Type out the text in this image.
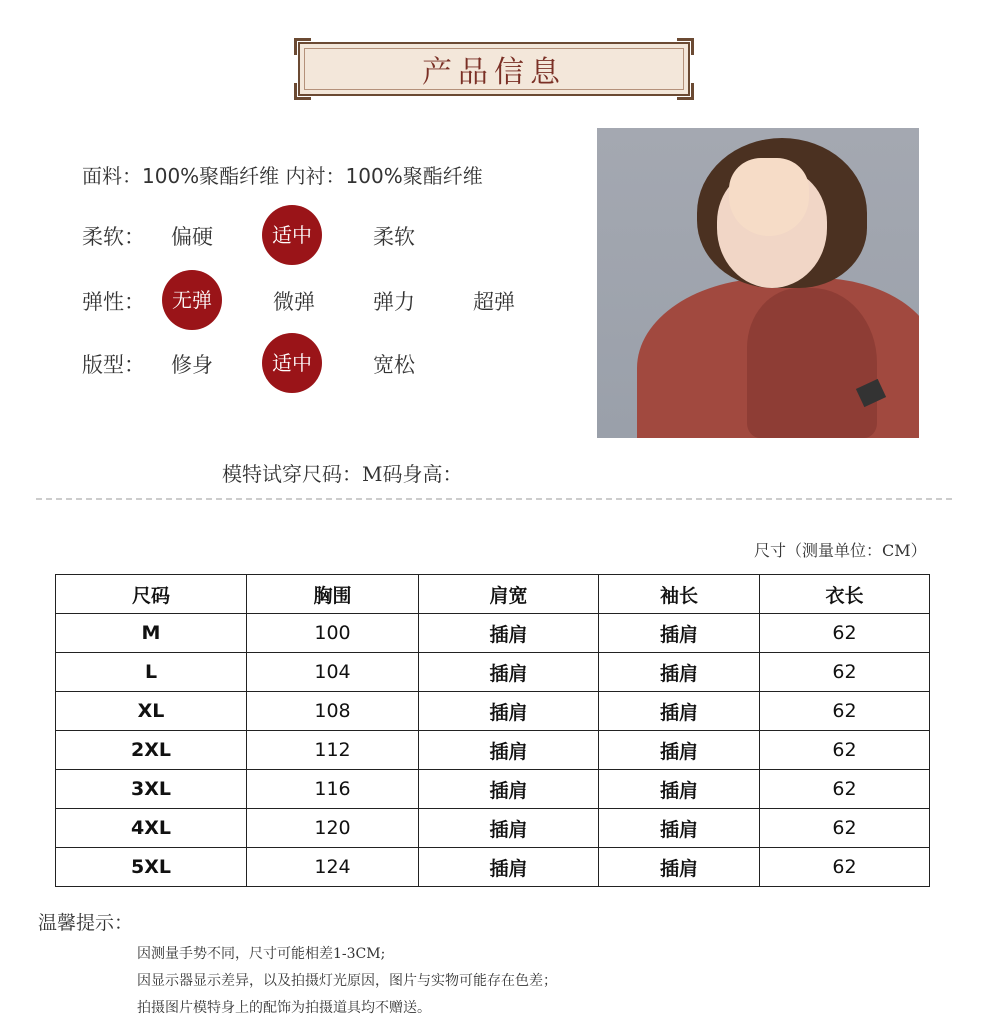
产品信息
面料：100%聚酯纤维 内衬：100%聚酯纤维
柔软：	偏硬	适中	柔软
弹性：	无弹	微弹	弹力	超弹
版型：	修身	适中	宽松
模特试穿尺码：M码身高：
尺寸（测量单位：CM）
尺码	胸围	肩宽	袖长	衣长
M	100	插肩	插肩	62
L	104	插肩	插肩	62
XL	108	插肩	插肩	62
2XL	112	插肩	插肩	62
3XL	116	插肩	插肩	62
4XL	120	插肩	插肩	62
5XL	124	插肩	插肩	62
温馨提示：
因测量手势不同，尺寸可能相差1-3CM;
因显示器显示差异，以及拍摄灯光原因，图片与实物可能存在色差；
拍摄图片模特身上的配饰为拍摄道具均不赠送。
